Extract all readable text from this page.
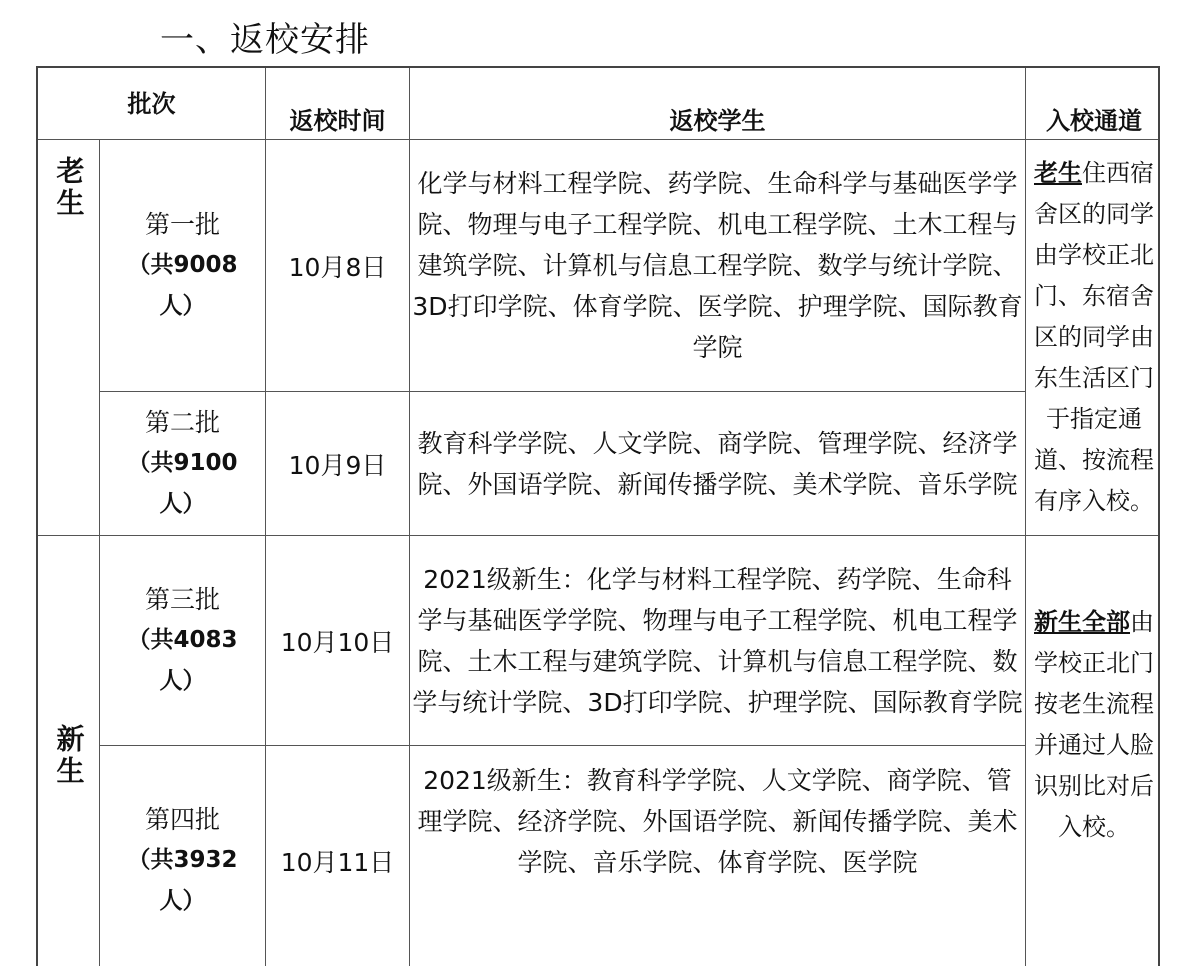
一、返校安排
批次
返校时间	返校学生	入校通道
老生
新生
第一批
（共9008人）
10月8日
化学与材料工程学院、药学院、生命科学与基础医学学院、物理与电子工程学院、机电工程学院、土木工程与建筑学院、计算机与信息工程学院、数学与统计学院、3D打印学院、体育学院、医学院、护理学院、国际教育学院
第二批
（共9100人）
10月9日
教育科学学院、人文学院、商学院、管理学院、经济学院、外国语学院、新闻传播学院、美术学院、音乐学院
老生住西宿舍区的同学由学校正北门、东宿舍区的同学由东生活区门于指定通道、按流程有序入校。
第三批
（共4083人）
10月10日
2021级新生：化学与材料工程学院、药学院、生命科学与基础医学学院、物理与电子工程学院、机电工程学院、土木工程与建筑学院、计算机与信息工程学院、数学与统计学院、3D打印学院、护理学院、国际教育学院
第四批
（共3932人）
10月11日
2021级新生：教育科学学院、人文学院、商学院、管理学院、经济学院、外国语学院、新闻传播学院、美术学院、音乐学院、体育学院、医学院
新生全部由学校正北门按老生流程并通过人脸识别比对后入校。
